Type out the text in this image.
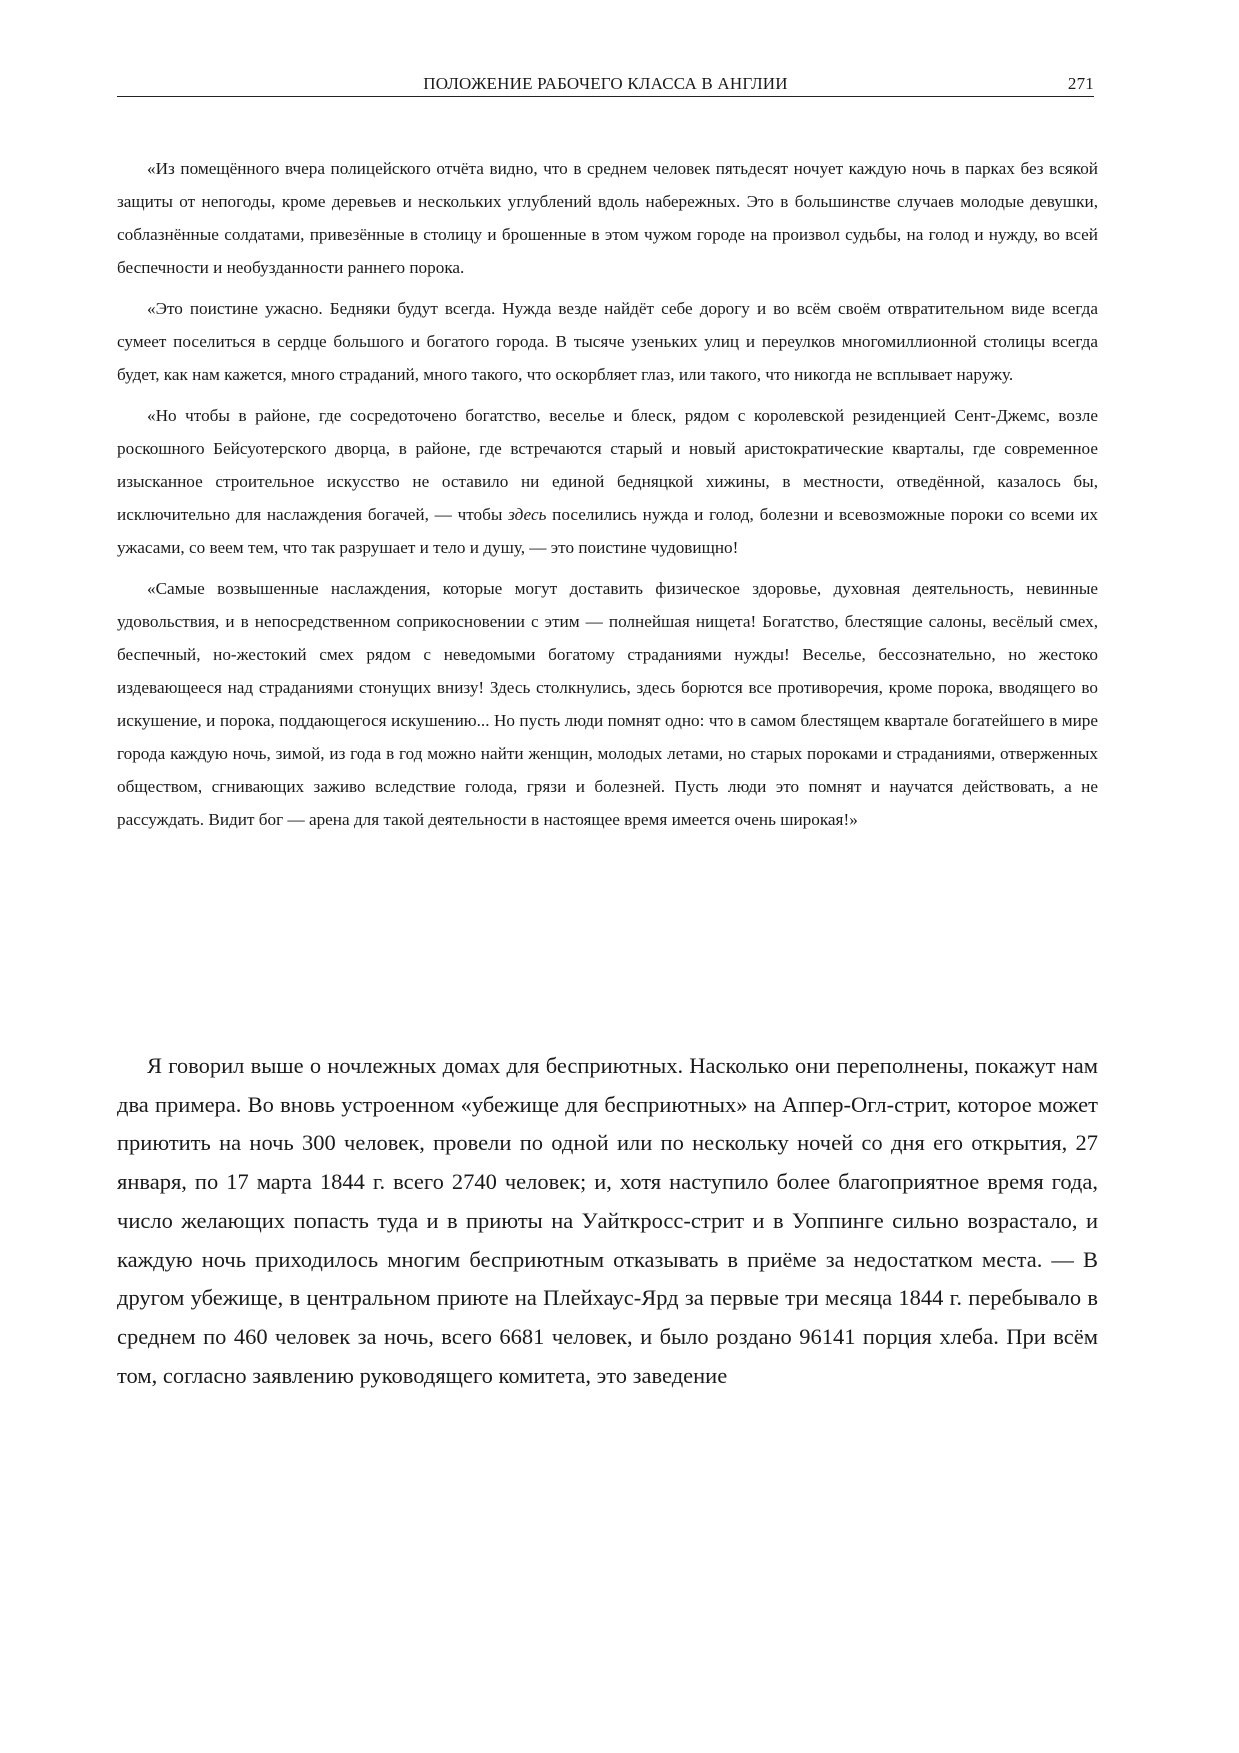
ПОЛОЖЕНИЕ РАБОЧЕГО КЛАССА В АНГЛИИ	271

«Из помещённого вчера полицейского отчёта видно, что в среднем человек пятьдесят ночует каждую ночь в парках без всякой защиты от непогоды, кроме деревьев и нескольких углублений вдоль набережных. Это в большинстве случаев молодые девушки, соблазнённые солдатами, привезённые в столицу и брошенные в этом чужом городе на произвол судьбы, на голод и нужду, во всей беспечности и необузданности раннего порока.

«Это поистине ужасно. Бедняки будут всегда. Нужда везде найдёт себе дорогу и во всём своём отвратительном виде всегда сумеет поселиться в сердце большого и богатого города. В тысяче узеньких улиц и переулков многомиллионной столицы всегда будет, как нам кажется, много страданий, много такого, что оскорбляет глаз, или такого, что никогда не всплывает наружу.

«Но чтобы в районе, где сосредоточено богатство, веселье и блеск, рядом с королевской резиденцией Сент-Джемс, возле роскошного Бейсуотерского дворца, в районе, где встречаются старый и новый аристократические кварталы, где современное изысканное строительное искусство не оставило ни единой бедняцкой хижины, в местности, отведённой, казалось бы, исключительно для наслаждения богачей, — чтобы здесь поселились нужда и голод, болезни и всевозможные пороки со всеми их ужасами, со веем тем, что так разрушает и тело и душу, — это поистине чудовищно!

«Самые возвышенные наслаждения, которые могут доставить физическое здоровье, духовная деятельность, невинные удовольствия, и в непосредственном соприкосновении с этим — полнейшая нищета! Богатство, блестящие салоны, весёлый смех, беспечный, но-жестокий смех рядом с неведомыми богатому страданиями нужды! Веселье, бессознательно, но жестоко издевающееся над страданиями стонущих внизу! Здесь столкнулись, здесь борются все противоречия, кроме порока, вводящего во искушение, и порока, поддающегося искушению... Но пусть люди помнят одно: что в самом блестящем квартале богатейшего в мире города каждую ночь, зимой, из года в год можно найти женщин, молодых летами, но старых пороками и страданиями, отверженных обществом, сгнивающих заживо вследствие голода, грязи и болезней. Пусть люди это помнят и научатся действовать, а не рассуждать. Видит бог — арена для такой деятельности в настоящее время имеется очень широкая!»

Я говорил выше о ночлежных домах для бесприютных. Насколько они переполнены, покажут нам два примера. Во вновь устроенном «убежище для бесприютных» на Аппер-Огл-стрит, которое может приютить на ночь 300 человек, провели по одной или по нескольку ночей со дня его открытия, 27 января, по 17 марта 1844 г. всего 2740 человек; и, хотя наступило более благоприятное время года, число желающих попасть туда и в приюты на Уайткросс-стрит и в Уоппинге сильно возрастало, и каждую ночь приходилось многим бесприютным отказывать в приёме за недостатком места. — В другом убежище, в центральном приюте на Плейхаус-Ярд за первые три месяца 1844 г. перебывало в среднем по 460 человек за ночь, всего 6681 человек, и было роздано 96141 порция хлеба. При всём том, согласно заявлению руководящего комитета, это заведение
